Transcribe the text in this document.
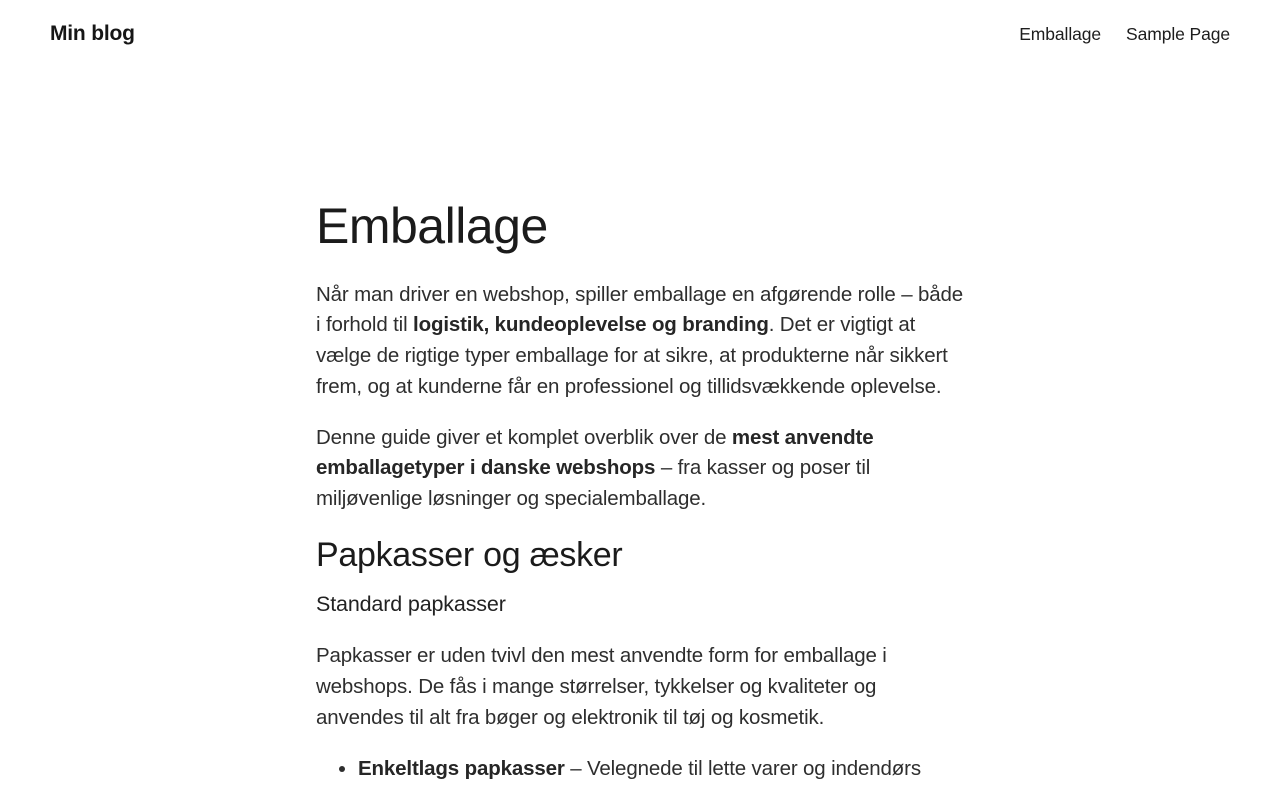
Min blog	Emballage Sample Page
Emballage

Når man driver en webshop, spiller emballage en afgørende rolle – både i forhold til logistik, kundeoplevelse og branding. Det er vigtigt at vælge de rigtige typer emballage for at sikre, at produkterne når sikkert frem, og at kunderne får en professionel og tillidsvækkende oplevelse.

Denne guide giver et komplet overblik over de mest anvendte emballagetyper i danske webshops – fra kasser og poser til miljøvenlige løsninger og specialemballage.

Papkasser og æsker
Standard papkasser

Papkasser er uden tvivl den mest anvendte form for emballage i webshops. De fås i mange størrelser, tykkelser og kvaliteter og anvendes til alt fra bøger og elektronik til tøj og kosmetik.

• Enkeltlags papkasser – Velegnede til lette varer og indendørs
